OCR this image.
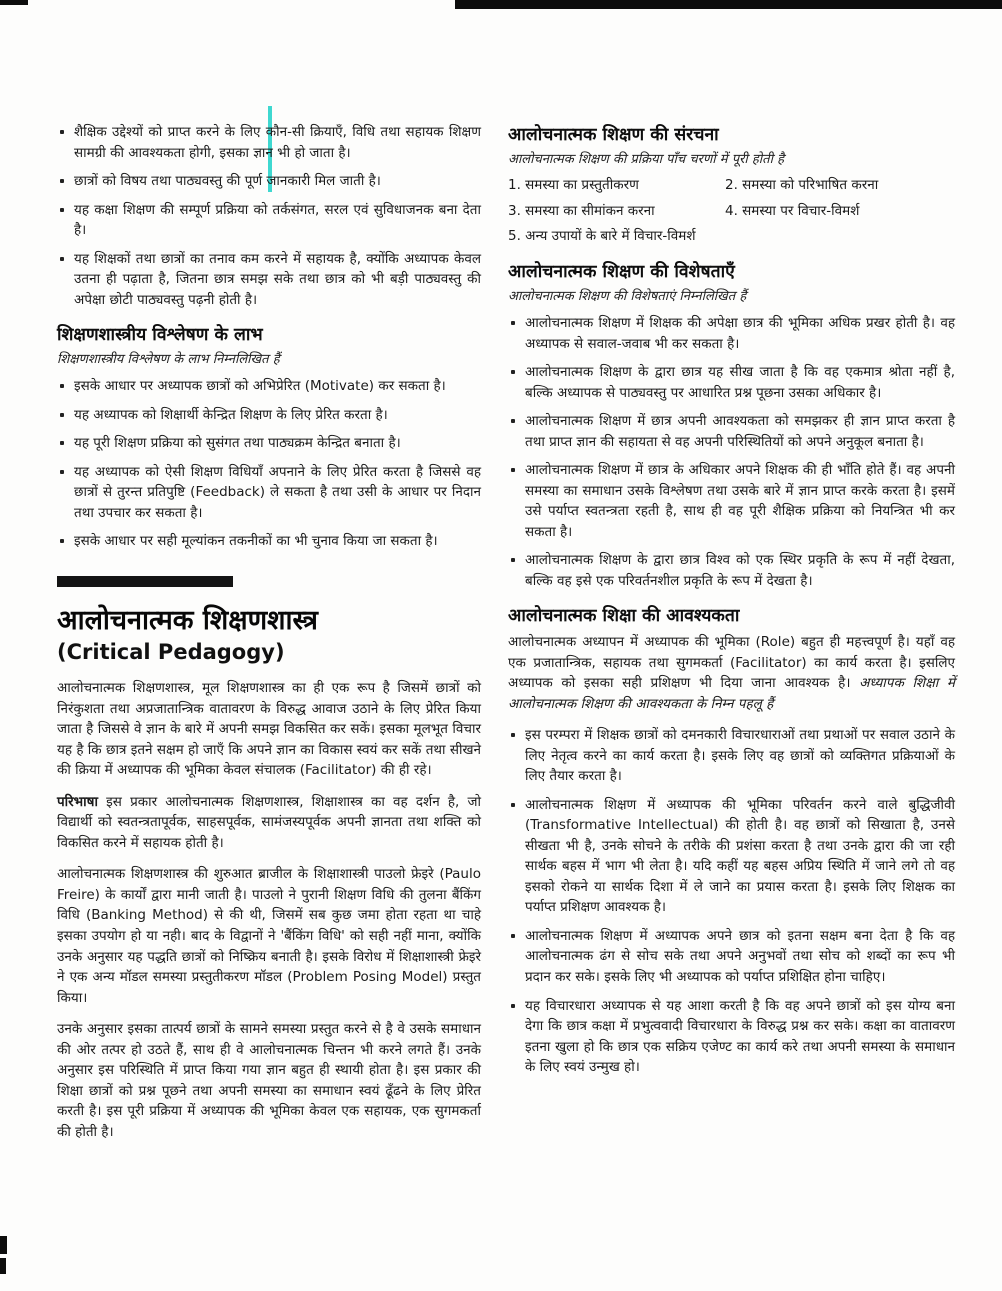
शैक्षिक उद्देश्यों को प्राप्त करने के लिए कौन-सी क्रियाएँ, विधि तथा सहायक शिक्षण सामग्री की आवश्यकता होगी, इसका ज्ञान भी हो जाता है।
छात्रों को विषय तथा पाठ्यवस्तु की पूर्ण जानकारी मिल जाती है।
यह कक्षा शिक्षण की सम्पूर्ण प्रक्रिया को तर्कसंगत, सरल एवं सुविधाजनक बना देता है।
यह शिक्षकों तथा छात्रों का तनाव कम करने में सहायक है, क्योंकि अध्यापक केवल उतना ही पढ़ाता है, जितना छात्र समझ सके तथा छात्र को भी बड़ी पाठ्यवस्तु की अपेक्षा छोटी पाठ्यवस्तु पढ़नी होती है।
शिक्षणशास्त्रीय विश्लेषण के लाभ
शिक्षणशास्त्रीय विश्लेषण के लाभ निम्नलिखित हैं
इसके आधार पर अध्यापक छात्रों को अभिप्रेरित (Motivate) कर सकता है।
यह अध्यापक को शिक्षार्थी केन्द्रित शिक्षण के लिए प्रेरित करता है।
यह पूरी शिक्षण प्रक्रिया को सुसंगत तथा पाठ्यक्रम केन्द्रित बनाता है।
यह अध्यापक को ऐसी शिक्षण विधियाँ अपनाने के लिए प्रेरित करता है जिससे वह छात्रों से तुरन्त प्रतिपुष्टि (Feedback) ले सकता है तथा उसी के आधार पर निदान तथा उपचार कर सकता है।
इसके आधार पर सही मूल्यांकन तकनीकों का भी चुनाव किया जा सकता है।
आलोचनात्मक शिक्षणशास्त्र
(Critical Pedagogy)

आलोचनात्मक शिक्षणशास्त्र, मूल शिक्षणशास्त्र का ही एक रूप है जिसमें छात्रों को निरंकुशता तथा अप्रजातान्त्रिक वातावरण के विरुद्ध आवाज उठाने के लिए प्रेरित किया जाता है जिससे वे ज्ञान के बारे में अपनी समझ विकसित कर सकें। इसका मूलभूत विचार यह है कि छात्र इतने सक्षम हो जाएँ कि अपने ज्ञान का विकास स्वयं कर सकें तथा सीखने की क्रिया में अध्यापक की भूमिका केवल संचालक (Facilitator) की ही रहे।

परिभाषा इस प्रकार आलोचनात्मक शिक्षणशास्त्र, शिक्षाशास्त्र का वह दर्शन है, जो विद्यार्थी को स्वतन्त्रतापूर्वक, साहसपूर्वक, सामंजस्यपूर्वक अपनी ज्ञानता तथा शक्ति को विकसित करने में सहायक होती है।

आलोचनात्मक शिक्षणशास्त्र की शुरुआत ब्राजील के शिक्षाशास्त्री पाउलो फ्रेइरे (Paulo Freire) के कार्यों द्वारा मानी जाती है। पाउलो ने पुरानी शिक्षण विधि की तुलना बैंकिंग विधि (Banking Method) से की थी, जिसमें सब कुछ जमा होता रहता था चाहे इसका उपयोग हो या नही। बाद के विद्वानों ने 'बैंकिंग विधि' को सही नहीं माना, क्योंकि उनके अनुसार यह पद्धति छात्रों को निष्क्रिय बनाती है। इसके विरोध में शिक्षाशास्त्री फ्रेइरे ने एक अन्य मॉडल समस्या प्रस्तुतीकरण मॉडल (Problem Posing Model) प्रस्तुत किया।

उनके अनुसार इसका तात्पर्य छात्रों के सामने समस्या प्रस्तुत करने से है वे उसके समाधान की ओर तत्पर हो उठते हैं, साथ ही वे आलोचनात्मक चिन्तन भी करने लगते हैं। उनके अनुसार इस परिस्थिति में प्राप्त किया गया ज्ञान बहुत ही स्थायी होता है। इस प्रकार की शिक्षा छात्रों को प्रश्न पूछने तथा अपनी समस्या का समाधान स्वयं ढूँढने के लिए प्रेरित करती है। इस पूरी प्रक्रिया में अध्यापक की भूमिका केवल एक सहायक, एक सुगमकर्ता की होती है।

आलोचनात्मक शिक्षण की संरचना
आलोचनात्मक शिक्षण की प्रक्रिया पाँच चरणों में पूरी होती है
1. समस्या का प्रस्तुतीकरण	2. समस्या को परिभाषित करना
3. समस्या का सीमांकन करना	4. समस्या पर विचार-विमर्श
5. अन्य उपायों के बारे में विचार-विमर्श
आलोचनात्मक शिक्षण की विशेषताएँ
आलोचनात्मक शिक्षण की विशेषताएं निम्नलिखित हैं
आलोचनात्मक शिक्षण में शिक्षक की अपेक्षा छात्र की भूमिका अधिक प्रखर होती है। वह अध्यापक से सवाल-जवाब भी कर सकता है।
आलोचनात्मक शिक्षण के द्वारा छात्र यह सीख जाता है कि वह एकमात्र श्रोता नहीं है, बल्कि अध्यापक से पाठ्यवस्तु पर आधारित प्रश्न पूछना उसका अधिकार है।
आलोचनात्मक शिक्षण में छात्र अपनी आवश्यकता को समझकर ही ज्ञान प्राप्त करता है तथा प्राप्त ज्ञान की सहायता से वह अपनी परिस्थितियों को अपने अनुकूल बनाता है।
आलोचनात्मक शिक्षण में छात्र के अधिकार अपने शिक्षक की ही भाँति होते हैं। वह अपनी समस्या का समाधान उसके विश्लेषण तथा उसके बारे में ज्ञान प्राप्त करके करता है। इसमें उसे पर्याप्त स्वतन्त्रता रहती है, साथ ही वह पूरी शैक्षिक प्रक्रिया को नियन्त्रित भी कर सकता है।
आलोचनात्मक शिक्षण के द्वारा छात्र विश्व को एक स्थिर प्रकृति के रूप में नहीं देखता, बल्कि वह इसे एक परिवर्तनशील प्रकृति के रूप में देखता है।
आलोचनात्मक शिक्षा की आवश्यकता

आलोचनात्मक अध्यापन में अध्यापक की भूमिका (Role) बहुत ही महत्त्वपूर्ण है। यहाँ वह एक प्रजातान्त्रिक, सहायक तथा सुगमकर्ता (Facilitator) का कार्य करता है। इसलिए अध्यापक को इसका सही प्रशिक्षण भी दिया जाना आवश्यक है। अध्यापक शिक्षा में आलोचनात्मक शिक्षण की आवश्यकता के निम्न पहलू हैं

इस परम्परा में शिक्षक छात्रों को दमनकारी विचारधाराओं तथा प्रथाओं पर सवाल उठाने के लिए नेतृत्व करने का कार्य करता है। इसके लिए वह छात्रों को व्यक्तिगत प्रक्रियाओं के लिए तैयार करता है।
आलोचनात्मक शिक्षण में अध्यापक की भूमिका परिवर्तन करने वाले बुद्धिजीवी (Transformative Intellectual) की होती है। वह छात्रों को सिखाता है, उनसे सीखता भी है, उनके सोचने के तरीके की प्रशंसा करता है तथा उनके द्वारा की जा रही सार्थक बहस में भाग भी लेता है। यदि कहीं यह बहस अप्रिय स्थिति में जाने लगे तो वह इसको रोकने या सार्थक दिशा में ले जाने का प्रयास करता है। इसके लिए शिक्षक का पर्याप्त प्रशिक्षण आवश्यक है।
आलोचनात्मक शिक्षण में अध्यापक अपने छात्र को इतना सक्षम बना देता है कि वह आलोचनात्मक ढंग से सोच सके तथा अपने अनुभवों तथा सोच को शब्दों का रूप भी प्रदान कर सके। इसके लिए भी अध्यापक को पर्याप्त प्रशिक्षित होना चाहिए।
यह विचारधारा अध्यापक से यह आशा करती है कि वह अपने छात्रों को इस योग्य बना देगा कि छात्र कक्षा में प्रभुत्ववादी विचारधारा के विरुद्ध प्रश्न कर सके। कक्षा का वातावरण इतना खुला हो कि छात्र एक सक्रिय एजेण्ट का कार्य करे तथा अपनी समस्या के समाधान के लिए स्वयं उन्मुख हो।
